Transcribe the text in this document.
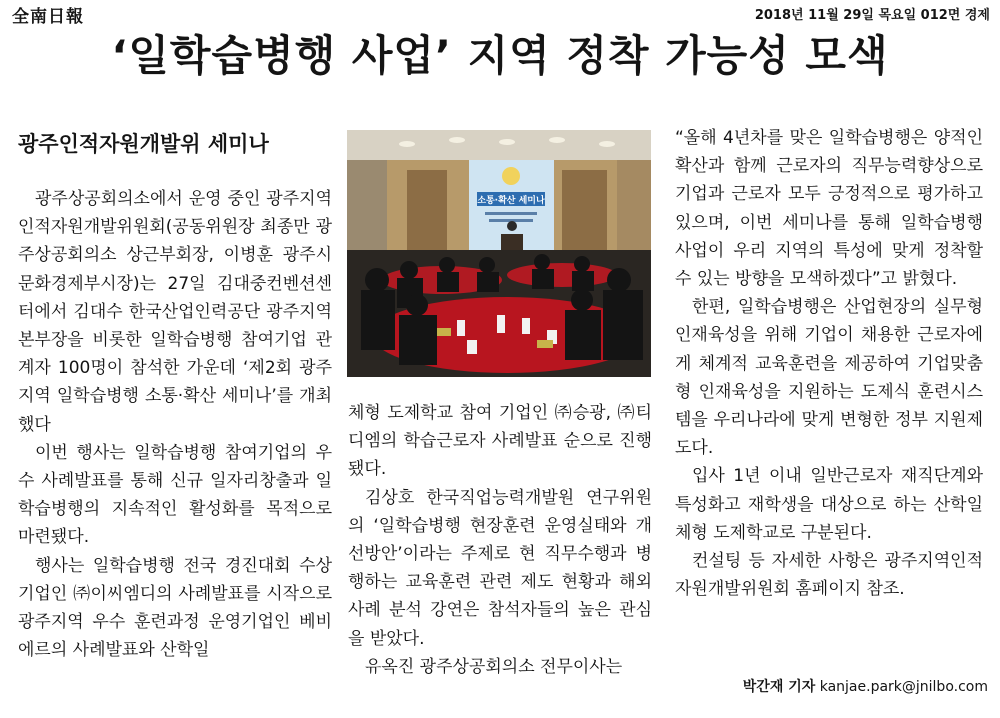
全南日報	2018년 11월 29일 목요일 012면 경제
‘일학습병행 사업’ 지역 정착 가능성 모색
광주인적자원개발위 세미나

광주상공회의소에서 운영 중인 광주지역인적자원개발위원회(공동위원장 최종만 광주상공회의소 상근부회장, 이병훈 광주시 문화경제부시장)는 27일 김대중컨벤션센터에서 김대수 한국산업인력공단 광주지역본부장을 비롯한 일학습병행 참여기업 관계자 100명이 참석한 가운데 ‘제2회 광주지역 일학습병행 소통·확산 세미나’를 개최했다

이번 행사는 일학습병행 참여기업의 우수 사례발표를 통해 신규 일자리창출과 일학습병행의 지속적인 활성화를 목적으로 마련됐다.

행사는 일학습병행 전국 경진대회 수상기업인 ㈜이씨엠디의 사례발표를 시작으로 광주지역 우수 훈련과정 운영기업인 베비에르의 사례발표와 산학일

소통·확산 세미나

체형 도제학교 참여 기업인 ㈜승광, ㈜티디엠의 학습근로자 사례발표 순으로 진행됐다.

김상호 한국직업능력개발원 연구위원의 ‘일학습병행 현장훈련 운영실태와 개선방안’이라는 주제로 현 직무수행과 병행하는 교육훈련 관련 제도 현황과 해외사례 분석 강연은 참석자들의 높은 관심을 받았다.

유옥진 광주상공회의소 전무이사는

“올해 4년차를 맞은 일학습병행은 양적인 확산과 함께 근로자의 직무능력향상으로 기업과 근로자 모두 긍정적으로 평가하고 있으며, 이번 세미나를 통해 일학습병행 사업이 우리 지역의 특성에 맞게 정착할 수 있는 방향을 모색하겠다”고 밝혔다.

한편, 일학습병행은 산업현장의 실무형 인재육성을 위해 기업이 채용한 근로자에게 체계적 교육훈련을 제공하여 기업맞춤형 인재육성을 지원하는 도제식 훈련시스템을 우리나라에 맞게 변형한 정부 지원제도다.

입사 1년 이내 일반근로자 재직단계와 특성화고 재학생을 대상으로 하는 산학일체형 도제학교로 구분된다.

컨설팅 등 자세한 사항은 광주지역인적자원개발위원회 홈페이지 참조.

박간재 기자 kanjae.park@jnilbo.com
